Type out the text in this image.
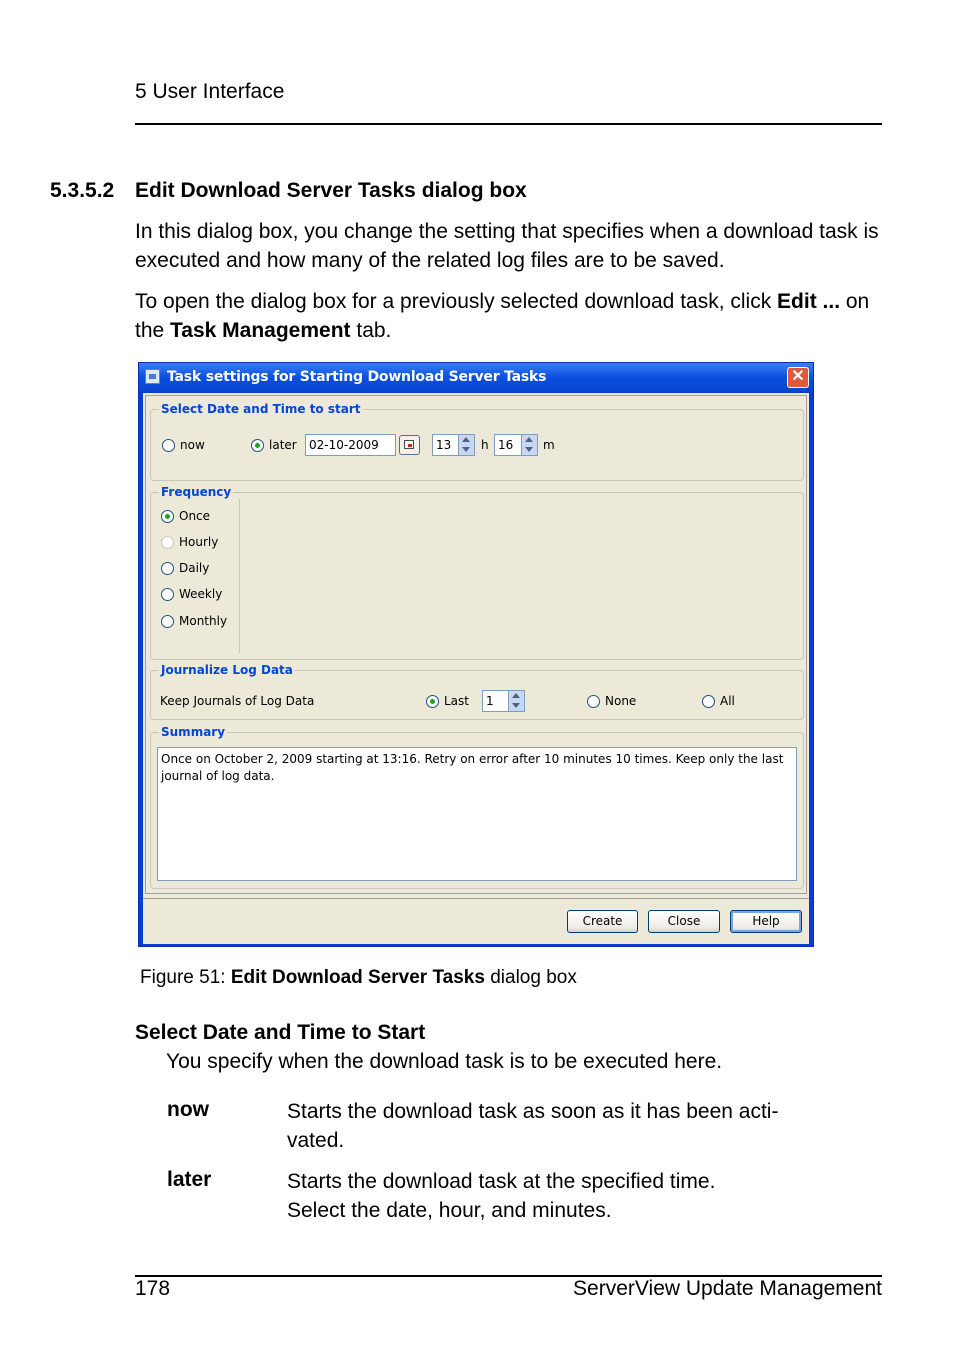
5 User Interface
5.3.5.2 Edit Download Server Tasks dialog box
In this dialog box, you change the setting that specifies when a download task is executed and how many of the related log files are to be saved.
To open the dialog box for a previously selected download task, click Edit ... on the Task Management tab.
Task settings for Starting Download Server Tasks	✕
Select Date and Time to start
now	later	02-10-2009	13	h 16	m
Frequency
Once
Hourly
Daily
Weekly
Monthly
Journalize Log Data
Keep Journals of Log Data	Last	1	None	All
Summary
Once on October 2, 2009 starting at 13:16. Retry on error after 10 minutes 10 times. Keep only the last journal of log data.
Create	Close	Help
Figure 51: Edit Download Server Tasks dialog box
Select Date and Time to Start
You specify when the download task is to be executed here.
now	Starts the download task as soon as it has been acti-
vated.
later	Starts the download task at the specified time.
Select the date, hour, and minutes.
178	ServerView Update Management
